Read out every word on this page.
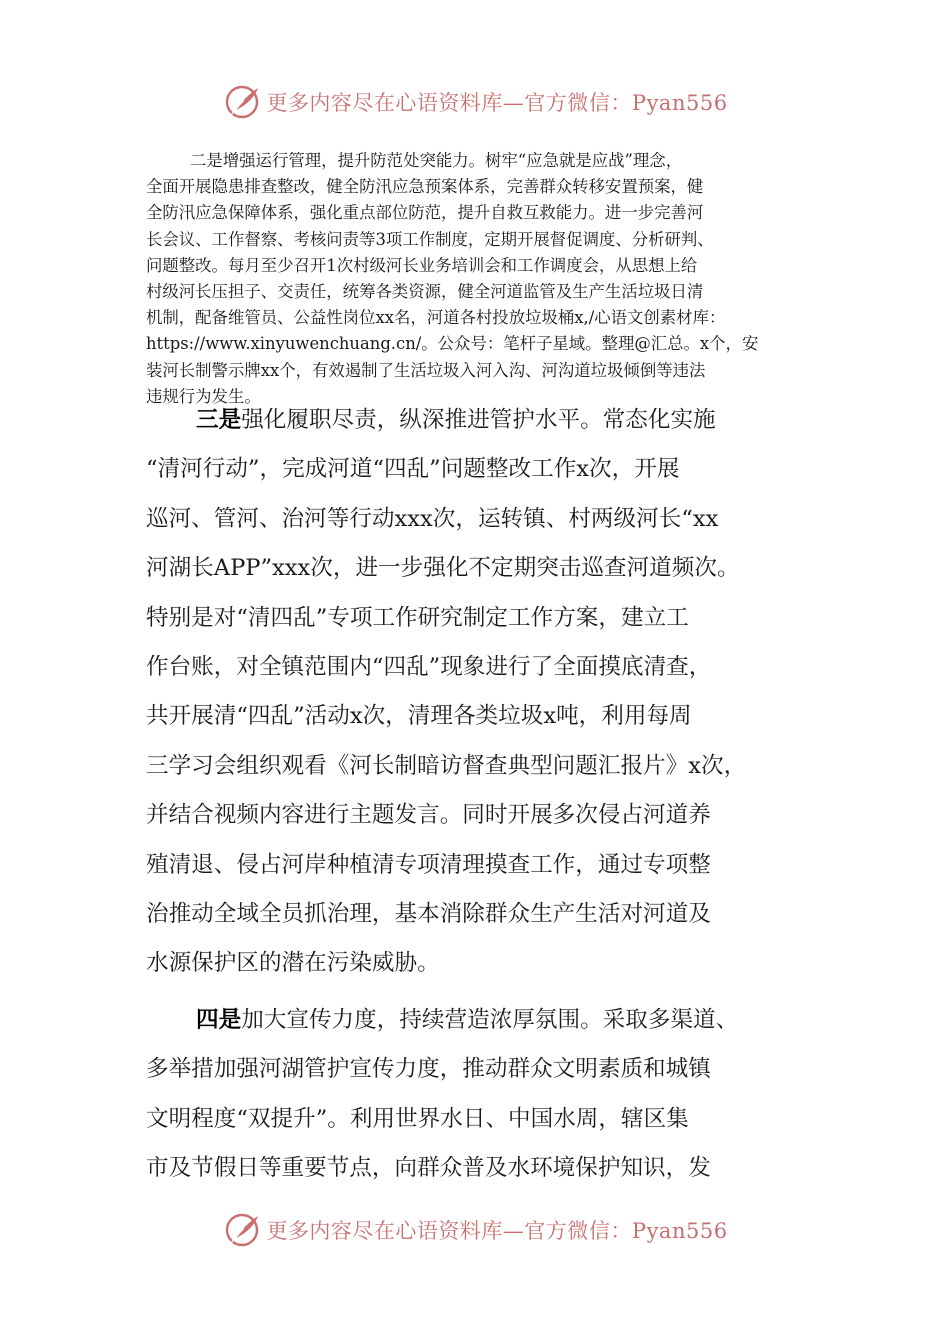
更多内容尽在心语资料库—官方微信：Pyan556
二是增强运行管理，提升防范处突能力。树牢“应急就是应战”理念，
全面开展隐患排查整改，健全防汛应急预案体系，完善群众转移安置预案，健
全防汛应急保障体系，强化重点部位防范，提升自救互救能力。进一步完善河
长会议、工作督察、考核问责等3项工作制度，定期开展督促调度、分析研判、
问题整改。每月至少召开1次村级河长业务培训会和工作调度会，从思想上给
村级河长压担子、交责任，统筹各类资源，健全河道监管及生产生活垃圾日清
机制，配备维管员、公益性岗位xx名，河道各村投放垃圾桶x,/心语文创素材库：
https://www.xinyuwenchuang.cn/。公众号：笔杆子星域。整理@汇总。x个，安
装河长制警示牌xx个，有效遏制了生活垃圾入河入沟、河沟道垃圾倾倒等违法
违规行为发生。
三是强化履职尽责，纵深推进管护水平。常态化实施
“清河行动”，完成河道“四乱”问题整改工作x次，开展
巡河、管河、治河等行动xxx次，运转镇、村两级河长“xx
河湖长APP”xxx次，进一步强化不定期突击巡查河道频次。
特别是对“清四乱”专项工作研究制定工作方案，建立工
作台账，对全镇范围内“四乱”现象进行了全面摸底清查，
共开展清“四乱”活动x次，清理各类垃圾x吨，利用每周
三学习会组织观看《河长制暗访督查典型问题汇报片》x次，
并结合视频内容进行主题发言。同时开展多次侵占河道养
殖清退、侵占河岸种植清专项清理摸查工作，通过专项整
治推动全域全员抓治理，基本消除群众生产生活对河道及
水源保护区的潜在污染威胁。
四是加大宣传力度，持续营造浓厚氛围。采取多渠道、
多举措加强河湖管护宣传力度，推动群众文明素质和城镇
文明程度“双提升”。利用世界水日、中国水周，辖区集
市及节假日等重要节点，向群众普及水环境保护知识，发
更多内容尽在心语资料库—官方微信：Pyan556
